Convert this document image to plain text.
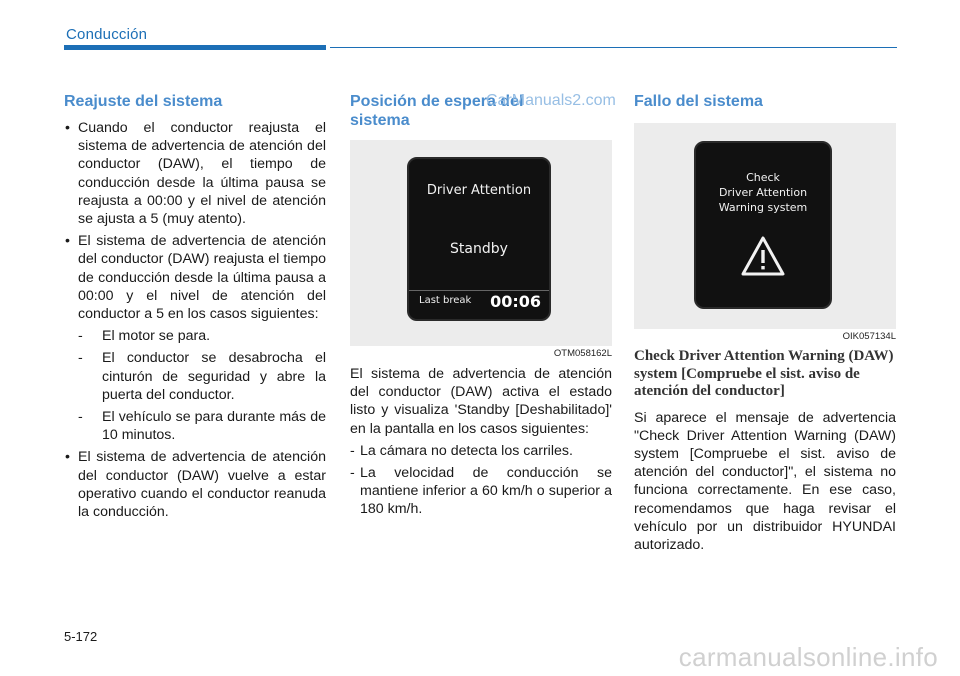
Conducción
Reajuste del sistema
• Cuando el conductor reajusta el sistema de advertencia de atención del conductor (DAW), el tiempo de conducción desde la última pausa se reajusta a 00:00 y el nivel de atención se ajusta a 5 (muy atento).
• El sistema de advertencia de atención del conductor (DAW) reajusta el tiempo de conducción desde la última pausa a 00:00 y el nivel de atención del conductor a 5 en los casos siguientes:
- El motor se para.
- El conductor se desabrocha el cinturón de seguridad y abre la puerta del conductor.
- El vehículo se para durante más de 10 minutos.
• El sistema de advertencia de atención del conductor (DAW) vuelve a estar operativo cuando el conductor reanuda la conducción.
Posición de espera del sistema
Driver Attention
Standby
Last break 00:06
OTM058162L

El sistema de advertencia de atención del conductor (DAW) activa el estado listo y visualiza 'Standby [Deshabilitado]' en la pantalla en los casos siguientes:

- La cámara no detecta los carriles.
- La velocidad de conducción se mantiene inferior a 60 km/h o superior a 180 km/h.
Fallo del sistema
Check
Driver Attention
Warning system
OIK057134L
Check Driver Attention Warning (DAW) system [Compruebe el sist. aviso de atención del conductor]

Si aparece el mensaje de advertencia "Check Driver Attention Warning (DAW) system [Compruebe el sist. aviso de atención del conductor]", el sistema no funciona correctamente. En ese caso, recomendamos que haga revisar el vehículo por un distribuidor HYUNDAI autorizado.

5-172
CarManuals2.com
carmanualsonline.info
